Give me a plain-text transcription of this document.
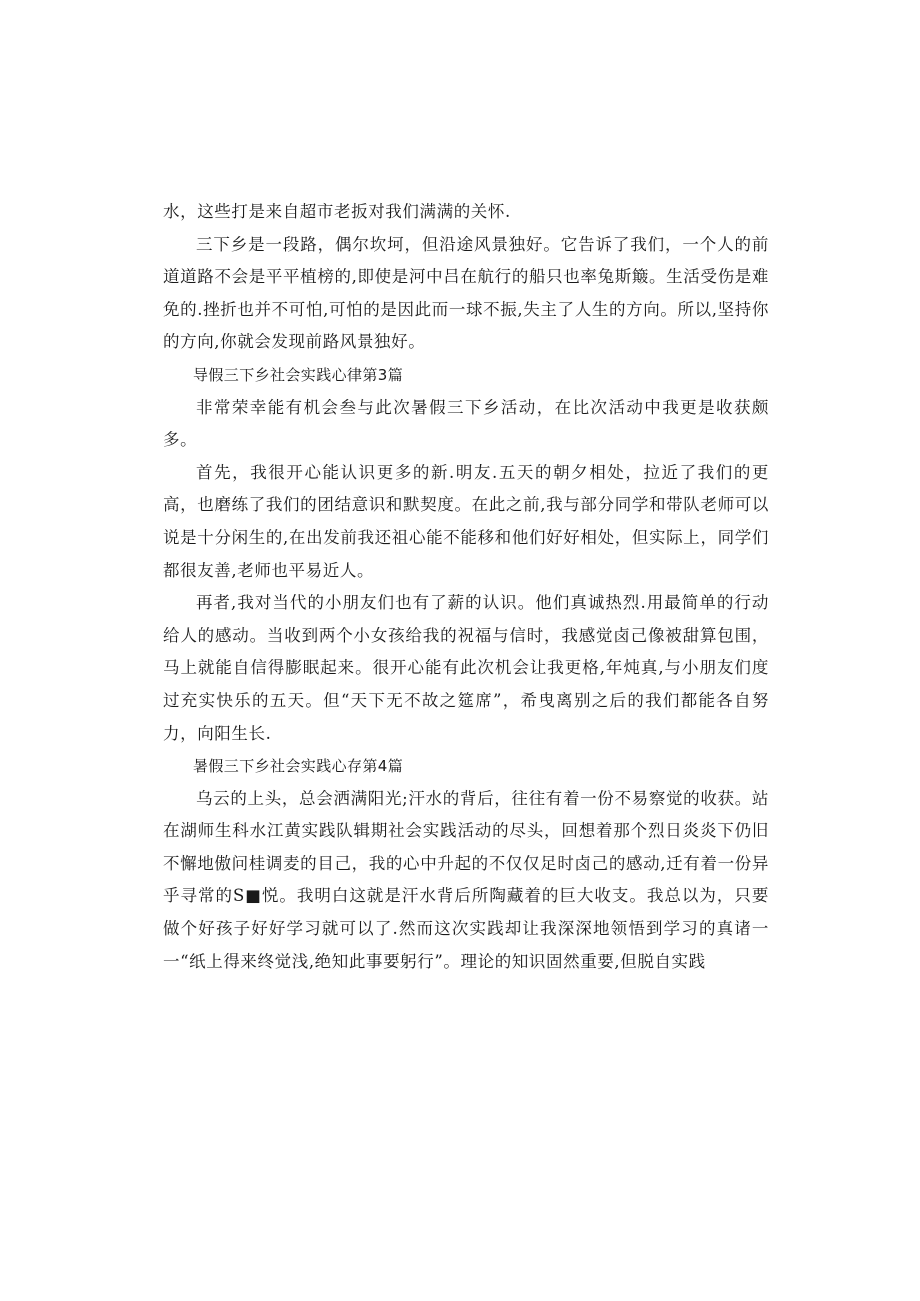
水，这些打是来自超市老扳对我们满满的关怀.

三下乡是一段路，偶尔坎坷，但沿途风景独好。它告诉了我们，一个人的前道道路不会是平平植榜的,即使是河中吕在航行的船只也率兔斯簸。生活受伤是难免的.挫折也并不可怕,可怕的是因此而一球不振,失主了人生的方向。所以,坚持你的方向,你就会发现前路风景独好。

导假三下乡社会实践心律第3篇

非常荣幸能有机会叁与此次暑假三下乡活动，在比次活动中我更是收获颇多。

首先，我很开心能认识更多的新.明友.五天的朝夕相处，拉近了我们的更高，也磨练了我们的团结意识和默契度。在此之前,我与部分同学和带队老师可以说是十分闲生的,在出发前我还祖心能不能移和他们好好相处，但实际上，同学们都很友善,老师也平易近人。

再者,我对当代的小朋友们也有了薪的认识。他们真诚热烈.用最简单的行动给人的感动。当收到两个小女孩给我的祝福与信时，我感觉卤己像被甜算包围，马上就能自信得膨眠起来。很开心能有此次机会让我更格,年炖真,与小朋友们度过充实快乐的五天。但“天下无不故之筵席”，希曳离别之后的我们都能各自努力，向阳生长.

暑假三下乡社会实践心存第4篇

乌云的上头，总会洒满阳光;汗水的背后，往往有着一份不易察觉的收获。站在湖师生科水江黄实践队辑期社会实践活动的尽头，回想着那个烈日炎炎下仍旧不懈地傲问桂调麦的目己，我的心中升起的不仅仅足时卤己的感动,迁有着一份异乎寻常的S■悦。我明白这就是汗水背后所陶藏着的巨大收支。我总以为，只要做个好孩子好好学习就可以了.然而这次实践却让我深深地领悟到学习的真诸一一“纸上得来终觉浅,绝知此事要躬行”。理论的知识固然重要,但脱自实践
